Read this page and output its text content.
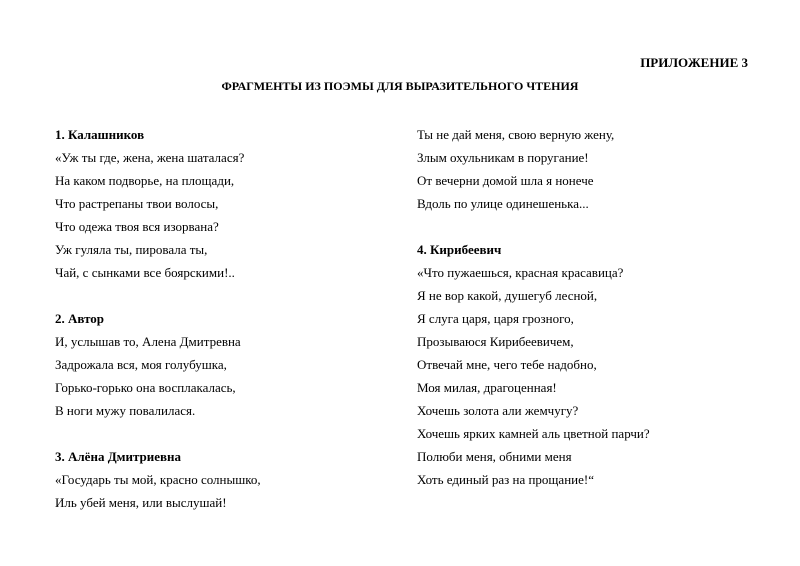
ПРИЛОЖЕНИЕ 3

ФРАГМЕНТЫ ИЗ ПОЭМЫ ДЛЯ ВЫРАЗИТЕЛЬНОГО ЧТЕНИЯ

1. Калашников
«Уж ты где, жена, жена шаталася?
На каком подворье, на площади,
Что растрепаны твои волосы,
Что одежа твоя вся изорвана?
Уж гуляла ты, пировала ты,
Чай, с сынками все боярскими!..
2. Автор
И, услышав то, Алена Дмитревна
Задрожала вся, моя голубушка,
Горько-горько она восплакалась,
В ноги мужу повалилася.
3. Алёна Дмитриевна
«Государь ты мой, красно солнышко,
Иль убей меня, или выслушай!
Ты не дай меня, свою верную жену,
Злым охульникам в поругание!
От вечерни домой шла я нонече
Вдоль по улице одинешенька...
4. Кирибеевич
«Что пужаешься, красная красавица?
Я не вор какой, душегуб лесной,
Я слуга царя, царя грозного,
Прозываюся Кирибеевичем,
Отвечай мне, чего тебе надобно,
Моя милая, драгоценная!
Хочешь золота али жемчугу?
Хочешь ярких камней аль цветной парчи?
Полюби меня, обними меня
Хоть единый раз на прощание!“
